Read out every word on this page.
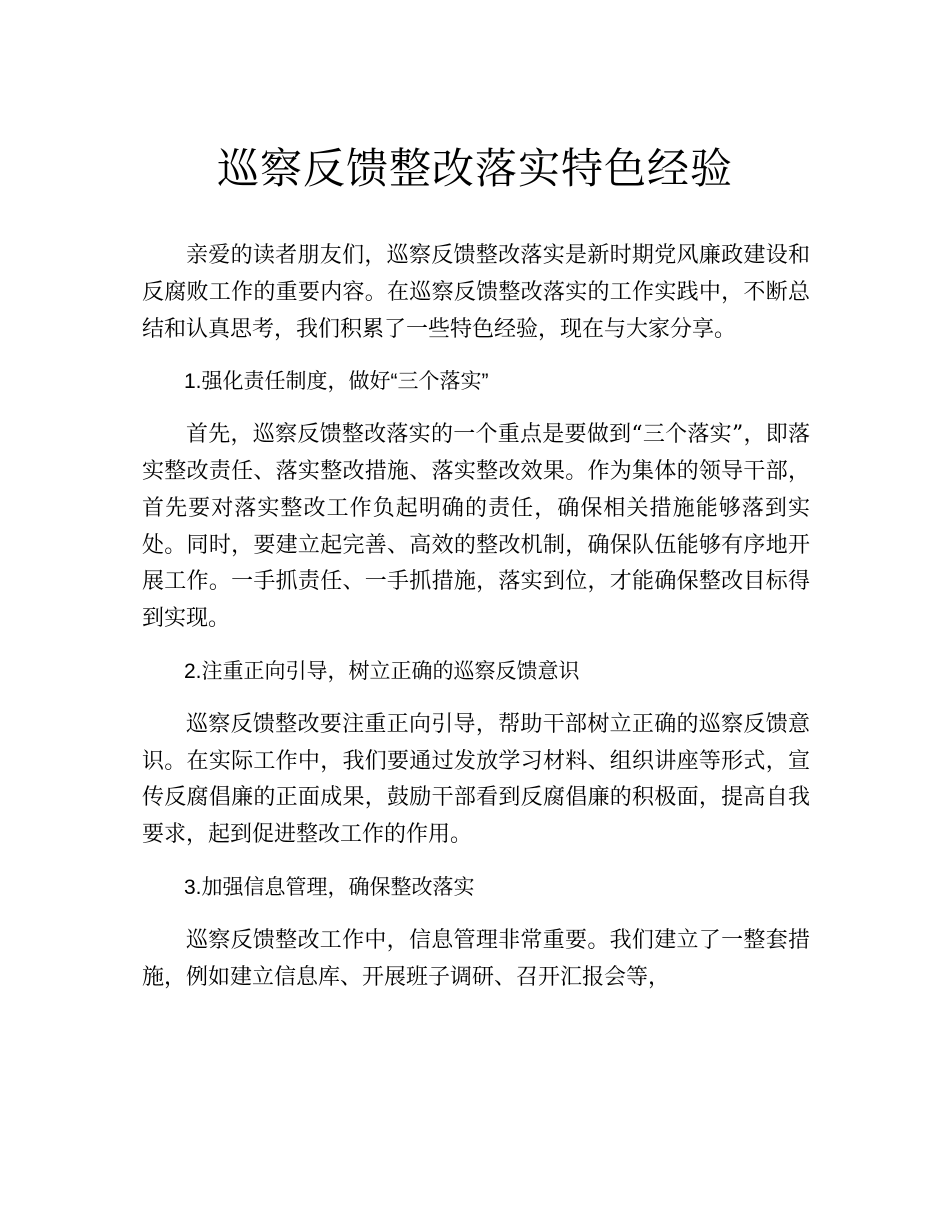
巡察反馈整改落实特色经验

亲爱的读者朋友们，巡察反馈整改落实是新时期党风廉政建设和反腐败工作的重要内容。在巡察反馈整改落实的工作实践中，不断总结和认真思考，我们积累了一些特色经验，现在与大家分享。

1.强化责任制度，做好“三个落实”

首先，巡察反馈整改落实的一个重点是要做到“三个落实”，即落实整改责任、落实整改措施、落实整改效果。作为集体的领导干部，首先要对落实整改工作负起明确的责任，确保相关措施能够落到实处。同时，要建立起完善、高效的整改机制，确保队伍能够有序地开展工作。一手抓责任、一手抓措施，落实到位，才能确保整改目标得到实现。

2.注重正向引导，树立正确的巡察反馈意识

巡察反馈整改要注重正向引导，帮助干部树立正确的巡察反馈意识。在实际工作中，我们要通过发放学习材料、组织讲座等形式，宣传反腐倡廉的正面成果，鼓励干部看到反腐倡廉的积极面，提高自我要求，起到促进整改工作的作用。

3.加强信息管理，确保整改落实

巡察反馈整改工作中，信息管理非常重要。我们建立了一整套措施，例如建立信息库、开展班子调研、召开汇报会等，
